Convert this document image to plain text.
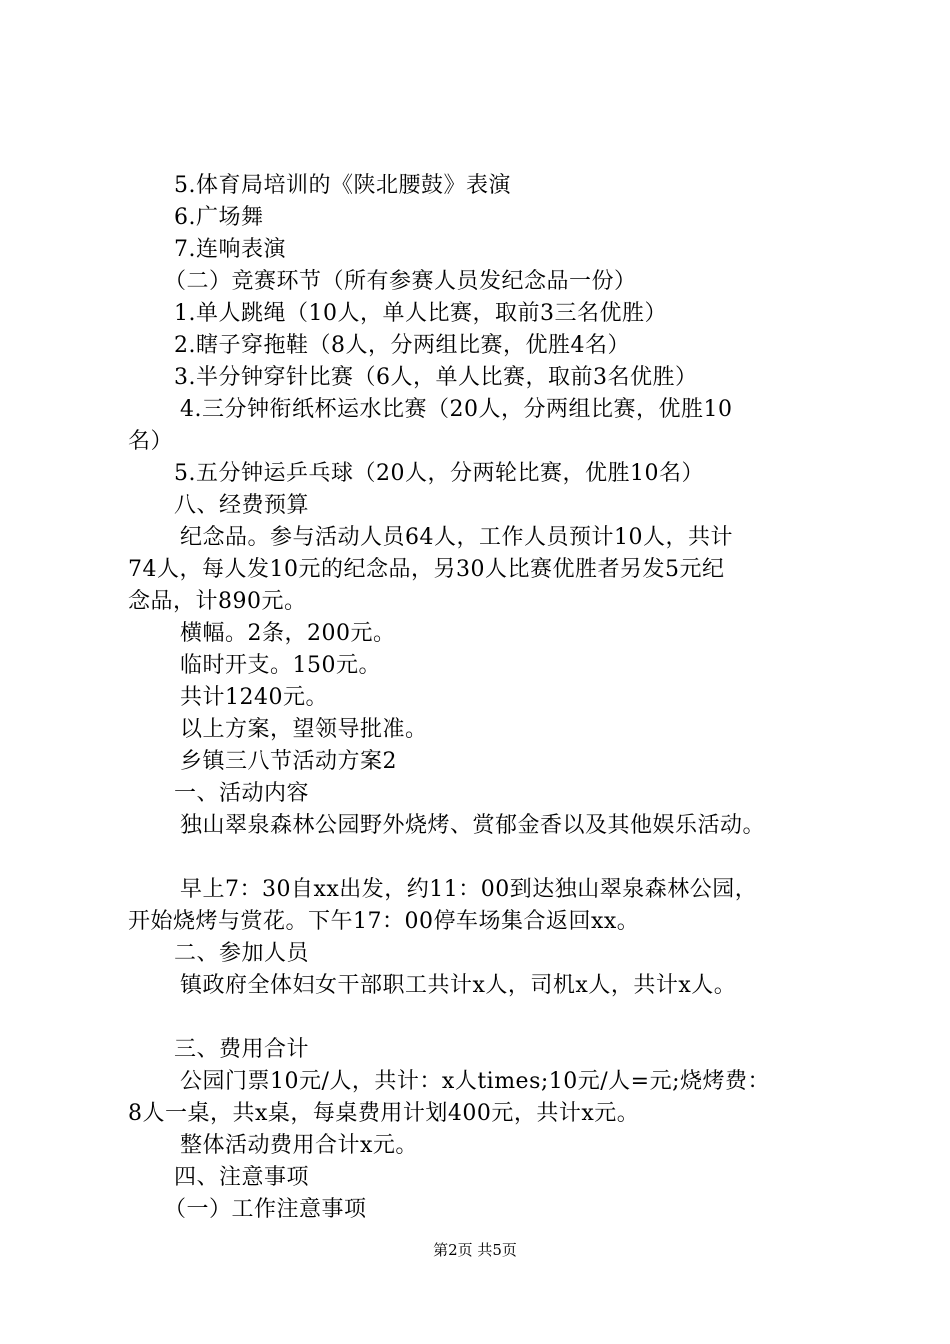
5.体育局培训的《陕北腰鼓》表演
6.广场舞
7.连响表演
（二）竞赛环节（所有参赛人员发纪念品一份）
1.单人跳绳（10人，单人比赛，取前3三名优胜）
2.瞎子穿拖鞋（8人，分两组比赛，优胜4名）
3.半分钟穿针比赛（6人，单人比赛，取前3名优胜）
4.三分钟衔纸杯运水比赛（20人，分两组比赛，优胜10
名）
5.五分钟运乒乓球（20人，分两轮比赛，优胜10名）
八、经费预算
纪念品。参与活动人员64人，工作人员预计10人，共计
74人，每人发10元的纪念品，另30人比赛优胜者另发5元纪
念品，计890元。
横幅。2条，200元。
临时开支。150元。
共计1240元。
以上方案，望领导批准。
乡镇三八节活动方案2
一、活动内容
独山翠泉森林公园野外烧烤、赏郁金香以及其他娱乐活动。
早上7：30自xx出发，约11：00到达独山翠泉森林公园，
开始烧烤与赏花。下午17：00停车场集合返回xx。
二、参加人员
镇政府全体妇女干部职工共计x人，司机x人，共计x人。
三、费用合计
公园门票10元/人，共计：x人times;10元/人=元;烧烤费：
8人一桌，共x桌，每桌费用计划400元，共计x元。
整体活动费用合计x元。
四、注意事项
（一）工作注意事项
第2页 共5页
